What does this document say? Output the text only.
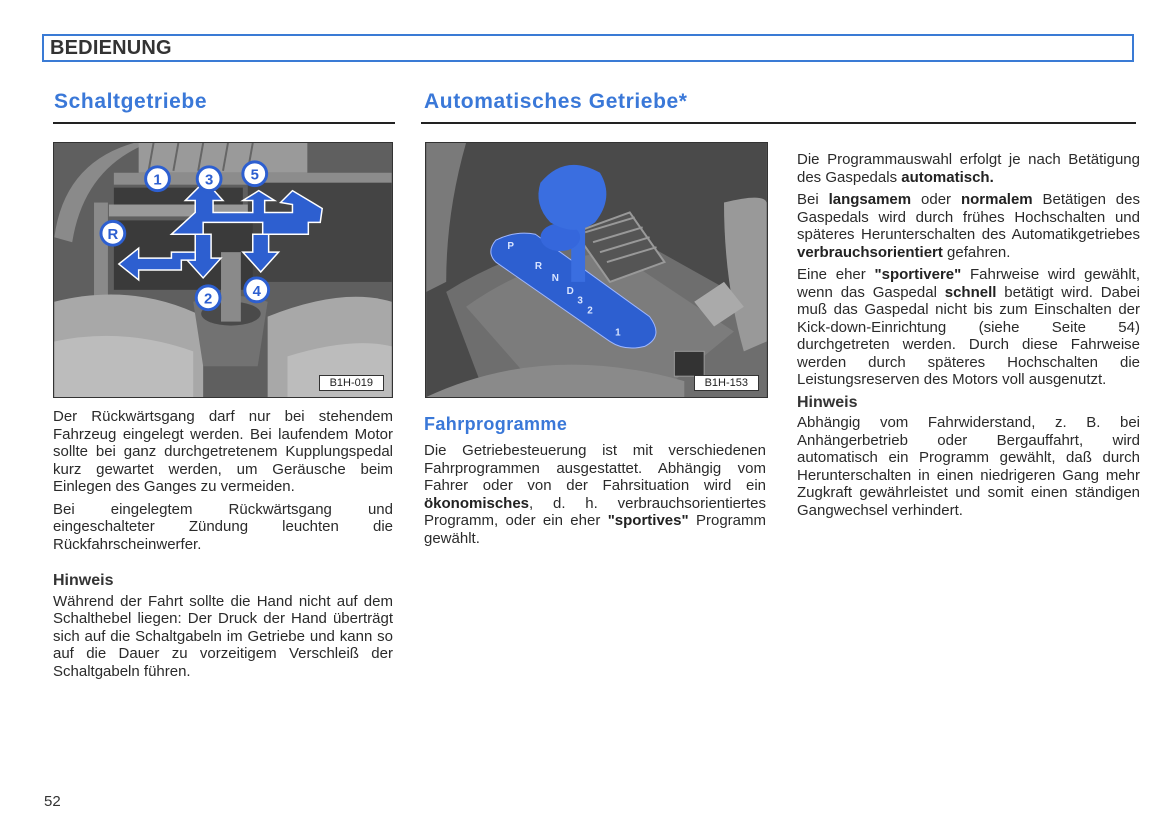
BEDIENUNG
Schaltgetriebe	Automatisches Getriebe*
1	3 5
R
2	4
B1H-019
P
R
N
D
3
2
1
B1H-153

Der Rückwärtsgang darf nur bei stehendem Fahrzeug eingelegt werden. Bei laufendem Motor sollte bei ganz durchgetretenem Kupplungspedal kurz gewartet werden, um Geräusche beim Einlegen des Ganges zu vermeiden.

Bei eingelegtem Rückwärtsgang und eingeschalteter Zündung leuchten die Rückfahrscheinwerfer.

Hinweis

Während der Fahrt sollte die Hand nicht auf dem Schalthebel liegen: Der Druck der Hand überträgt sich auf die Schaltgabeln im Getriebe und kann so auf die Dauer zu vorzeitigem Verschleiß der Schaltgabeln führen.

Fahrprogramme

Die Getriebesteuerung ist mit verschiedenen Fahrprogrammen ausgestattet. Abhängig vom Fahrer oder von der Fahrsituation wird ein ökonomisches, d. h. verbrauchsorientiertes Programm, oder ein eher "sportives" Programm gewählt.

Die Programmauswahl erfolgt je nach Betätigung des Gaspedals automatisch.

Bei langsamem oder normalem Betätigen des Gaspedals wird durch frühes Hochschalten und späteres Herunterschalten des Automatikgetriebes verbrauchsorientiert gefahren.

Eine eher "sportivere" Fahrweise wird gewählt, wenn das Gaspedal schnell betätigt wird. Dabei muß das Gaspedal nicht bis zum Einschalten der Kick-down-Einrichtung (siehe Seite 54) durchgetreten werden. Durch diese Fahrweise werden durch späteres Hochschalten die Leistungsreserven des Motors voll ausgenutzt.

Hinweis

Abhängig vom Fahrwiderstand, z. B. bei Anhängerbetrieb oder Bergauffahrt, wird automatisch ein Programm gewählt, daß durch Herunterschalten in einen niedrigeren Gang mehr Zugkraft gewährleistet und somit einen ständigen Gangwechsel verhindert.

52
